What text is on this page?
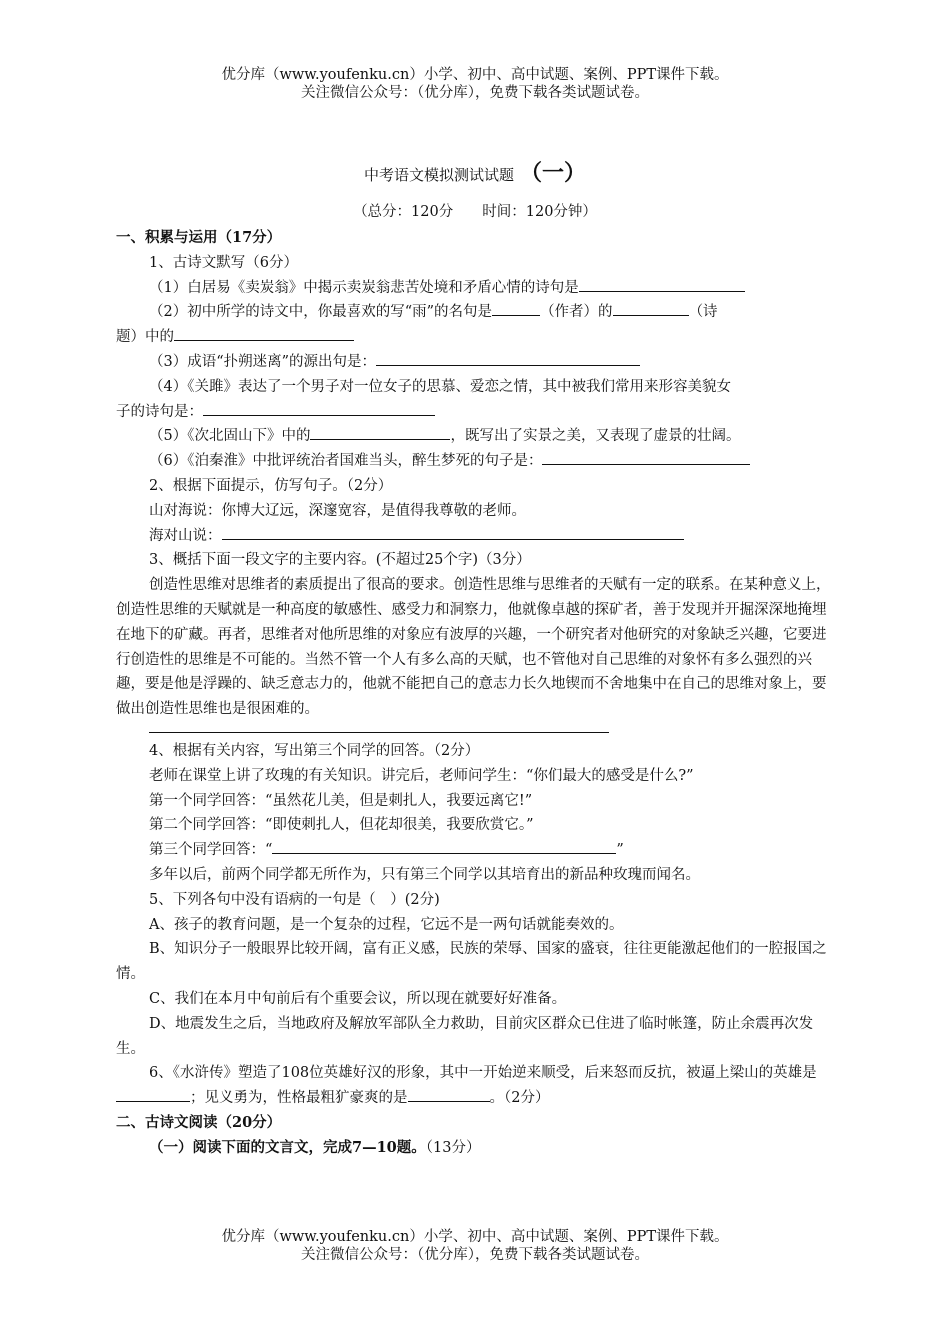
优分库（www.youfenku.cn）小学、初中、高中试题、案例、PPT课件下载。
关注微信公众号：（优分库），免费下载各类试题试卷。
中考语文模拟测试试题 （一）
（总分：120分　　时间：120分钟）

一、积累与运用（17分）

1、古诗文默写（6分）

（1）白居易《卖炭翁》中揭示卖炭翁悲苦处境和矛盾心情的诗句是

（2）初中所学的诗文中，你最喜欢的写“雨”的名句是	（作者）的	（诗

题）中的

（3）成语“扑朔迷离”的源出句是：

（4）《关雎》表达了一个男子对一位女子的思慕、爱恋之情，其中被我们常用来形容美貌女

子的诗句是：

（5）《次北固山下》中的	，既写出了实景之美，又表现了虚景的壮阔。

（6）《泊秦淮》中批评统治者国难当头，醉生梦死的句子是：

2、根据下面提示，仿写句子。（2分）

山对海说：你博大辽远，深邃宽容，是值得我尊敬的老师。

海对山说：

3、概括下面一段文字的主要内容。(不超过25个字)（3分）

创造性思维对思维者的素质提出了很高的要求。创造性思维与思维者的天赋有一定的联系。在某种意义上，创造性思维的天赋就是一种高度的敏感性、感受力和洞察力，他就像卓越的探矿者，善于发现并开掘深深地掩埋在地下的矿藏。再者，思维者对他所思维的对象应有波厚的兴趣，一个研究者对他研究的对象缺乏兴趣，它要进行创造性的思维是不可能的。当然不管一个人有多么高的天赋，也不管他对自己思维的对象怀有多么强烈的兴趣，要是他是浮躁的、缺乏意志力的，他就不能把自己的意志力长久地锲而不舍地集中在自己的思维对象上，要做出创造性思维也是很困难的。

4、根据有关内容，写出第三个同学的回答。（2分）

老师在课堂上讲了玫瑰的有关知识。讲完后，老师问学生：“你们最大的感受是什么?”

第一个同学回答：“虽然花儿美，但是刺扎人，我要远离它!”

第二个同学回答：“即使刺扎人，但花却很美，我要欣赏它。”

第三个同学回答：“	”

多年以后，前两个同学都无所作为，只有第三个同学以其培育出的新品种玫瑰而闻名。

5、下列各句中没有语病的一句是（　）(2分)

A、孩子的教育问题，是一个复杂的过程，它远不是一两句话就能奏效的。

B、知识分子一般眼界比较开阔，富有正义感，民族的荣辱、国家的盛衰，往往更能激起他们的一腔报国之情。

C、我们在本月中旬前后有个重要会议，所以现在就要好好准备。

D、地震发生之后，当地政府及解放军部队全力救助，目前灾区群众已住进了临时帐篷，防止余震再次发生。

6、《水浒传》塑造了108位英雄好汉的形象，其中一开始逆来顺受，后来怒而反抗，被逼上梁山的英雄是；见义勇为，性格最粗犷豪爽的是	。（2分）

二、古诗文阅读（20分）

（一）阅读下面的文言文，完成7—10题。（13分）

优分库（www.youfenku.cn）小学、初中、高中试题、案例、PPT课件下载。
关注微信公众号：（优分库），免费下载各类试题试卷。
